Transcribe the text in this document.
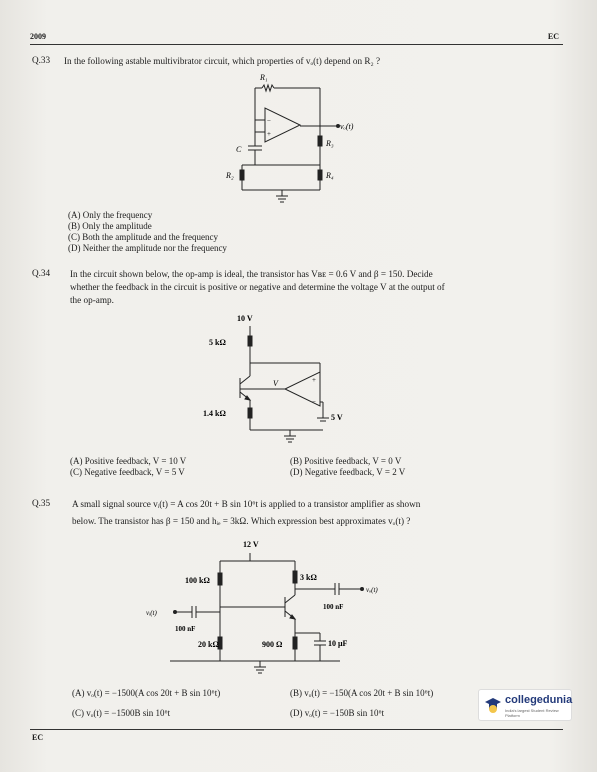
2009	EC
Q.33 In the following astable multivibrator circuit, which properties of vₒ(t) depend on R₂ ?
R₁
vₒ(t)
R₃
R₄
R₂
C
−
+
(A) Only the frequency
(B) Only the amplitude
(C) Both the amplitude and the frequency
(D) Neither the amplitude nor the frequency
Q.34 In the circuit shown below, the op-amp is ideal, the transistor has Vʙᴇ = 0.6 V and β = 150. Decide
whether the feedback in the circuit is positive or negative and determine the voltage V at the output of
the op-amp.
10 V
5 kΩ
1.4 kΩ
V
5 V
+
−
(A) Positive feedback, V = 10 V	(B) Positive feedback, V = 0 V
(C) Negative feedback, V = 5 V	(D) Negative feedback, V = 2 V
Q.35 A small signal source vᵢ(t) = A cos 20t + B sin 10⁶t is applied to a transistor amplifier as shown
below. The transistor has β = 150 and hᵢₑ = 3kΩ. Which expression best approximates vₒ(t) ?
12 V
100 kΩ	3 kΩ
vᵢ(t)
100 nF
100 nF
vₒ(t)
20 kΩ	900 Ω	10 μF
(A) vₒ(t) = −1500(A cos 20t + B sin 10⁶t)	(B) vₒ(t) = −150(A cos 20t + B sin 10⁶t)
(C) vₒ(t) = −1500B sin 10⁶t	(D) vₒ(t) = −150B sin 10⁶t
EC
collegedunia
India's largest Student Review Platform
